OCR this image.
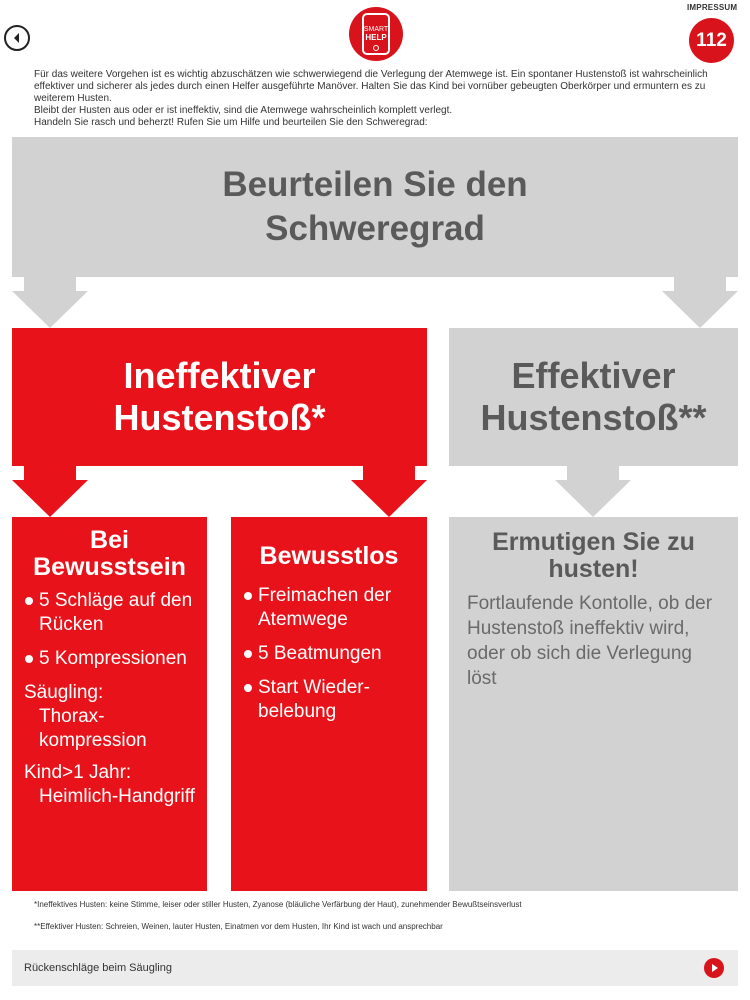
SMART
HELP
IMPRESSUM
112

Für das weitere Vorgehen ist es wichtig abzuschätzen wie schwerwiegend die Verlegung der Atemwege ist. Ein spontaner Hustenstoß ist wahrscheinlich effektiver und sicherer als jedes durch einen Helfer ausgeführte Manöver. Halten Sie das Kind bei vornüber gebeugten Oberkörper und ermuntern es zu weiterem Husten.

Bleibt der Husten aus oder er ist ineffektiv, sind die Atemwege wahrscheinlich komplett verlegt.

Handeln Sie rasch und beherzt! Rufen Sie um Hilfe und beurteilen Sie den Schweregrad:

Beurteilen Sie den
Schweregrad
Ineffektiver
Hustenstoß*
Effektiver
Hustenstoß**
Bei
Bewusstsein
5 Schläge auf den Rücken
5 Kompressionen
Säugling:
Thoraxkompression
Kind>1 Jahr:
Heimlich-Handgriff
Bewusstlos
Freimachen der Atemwege
5 Beatmungen
Start Wiederbelebung
Ermutigen Sie zu
husten!
Fortlaufende Kontolle, ob der Hustenstoß ineffektiv wird, oder ob sich die Verlegung löst
*Ineffektives Husten: keine Stimme, leiser oder stiller Husten, Zyanose (bläuliche Verfärbung der Haut), zunehmender Bewußtseinsverlust
**Effektiver Husten: Schreien, Weinen, lauter Husten, Einatmen vor dem Husten, Ihr Kind ist wach und ansprechbar
Rückenschläge beim Säugling
